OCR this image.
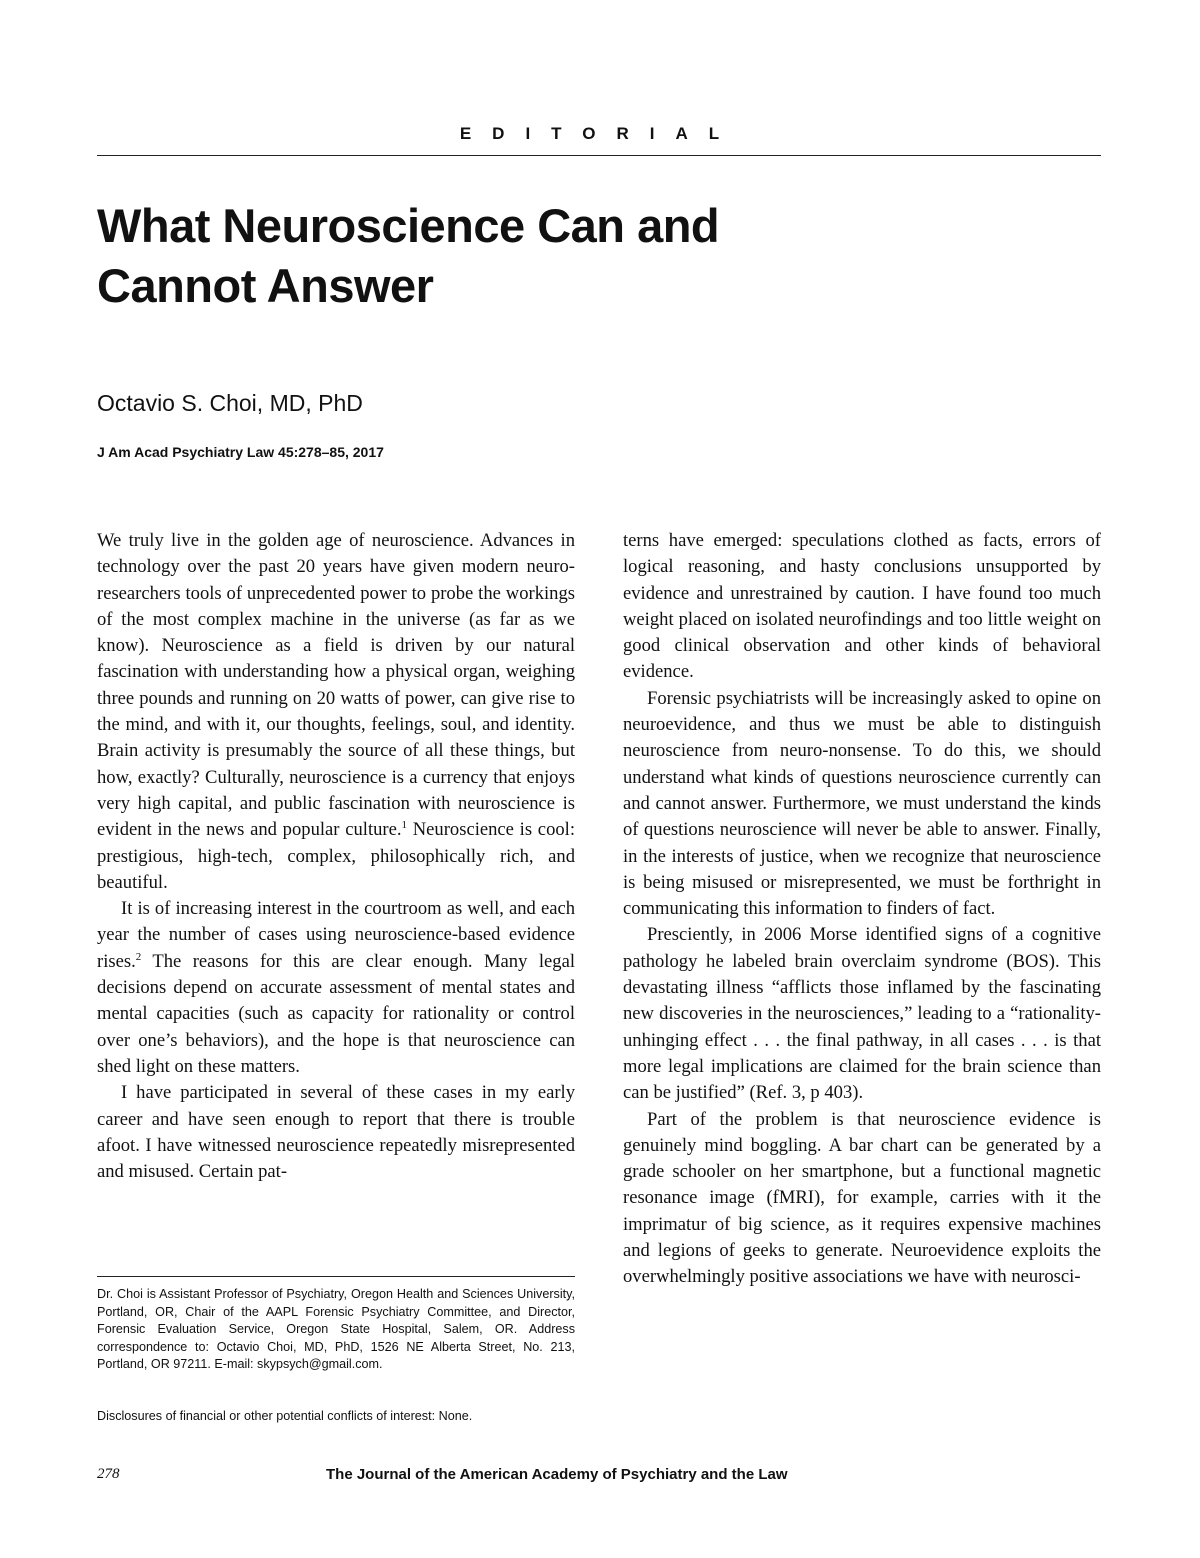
EDITORIAL
What Neuroscience Can and
Cannot Answer
Octavio S. Choi, MD, PhD
J Am Acad Psychiatry Law 45:278–85, 2017

We truly live in the golden age of neuroscience. Advances in technology over the past 20 years have given modern neuro-researchers tools of unprecedented power to probe the workings of the most complex machine in the universe (as far as we know). Neuroscience as a field is driven by our natural fascination with understanding how a physical organ, weighing three pounds and running on 20 watts of power, can give rise to the mind, and with it, our thoughts, feelings, soul, and identity. Brain activity is presumably the source of all these things, but how, exactly? Culturally, neuroscience is a currency that enjoys very high capital, and public fascination with neuroscience is evident in the news and popular culture.$^1$ Neuroscience is cool: prestigious, high-tech, complex, philosophically rich, and beautiful.

It is of increasing interest in the courtroom as well, and each year the number of cases using neuroscience-based evidence rises.$^2$ The reasons for this are clear enough. Many legal decisions depend on accurate assessment of mental states and mental capacities (such as capacity for rationality or control over one’s behaviors), and the hope is that neuroscience can shed light on these matters.

I have participated in several of these cases in my early career and have seen enough to report that there is trouble afoot. I have witnessed neuroscience repeatedly misrepresented and misused. Certain pat-

terns have emerged: speculations clothed as facts, errors of logical reasoning, and hasty conclusions unsupported by evidence and unrestrained by caution. I have found too much weight placed on isolated neurofindings and too little weight on good clinical observation and other kinds of behavioral evidence.

Forensic psychiatrists will be increasingly asked to opine on neuroevidence, and thus we must be able to distinguish neuroscience from neuro-nonsense. To do this, we should understand what kinds of questions neuroscience currently can and cannot answer. Furthermore, we must understand the kinds of questions neuroscience will never be able to answer. Finally, in the interests of justice, when we recognize that neuroscience is being misused or misrepresented, we must be forthright in communicating this information to finders of fact.

Presciently, in 2006 Morse identified signs of a cognitive pathology he labeled brain overclaim syndrome (BOS). This devastating illness “afflicts those inflamed by the fascinating new discoveries in the neurosciences,” leading to a “rationality-unhinging effect . . . the final pathway, in all cases . . . is that more legal implications are claimed for the brain science than can be justified” (Ref. 3, p 403).

Part of the problem is that neuroscience evidence is genuinely mind boggling. A bar chart can be generated by a grade schooler on her smartphone, but a functional magnetic resonance image (fMRI), for example, carries with it the imprimatur of big science, as it requires expensive machines and legions of geeks to generate. Neuroevidence exploits the overwhelmingly positive associations we have with neurosci-

Dr. Choi is Assistant Professor of Psychiatry, Oregon Health and Sciences University, Portland, OR, Chair of the AAPL Forensic Psychiatry Committee, and Director, Forensic Evaluation Service, Oregon State Hospital, Salem, OR. Address correspondence to: Octavio Choi, MD, PhD, 1526 NE Alberta Street, No. 213, Portland, OR 97211. E-mail: skypsych@gmail.com.

Disclosures of financial or other potential conflicts of interest: None.

278	The Journal of the American Academy of Psychiatry and the Law
